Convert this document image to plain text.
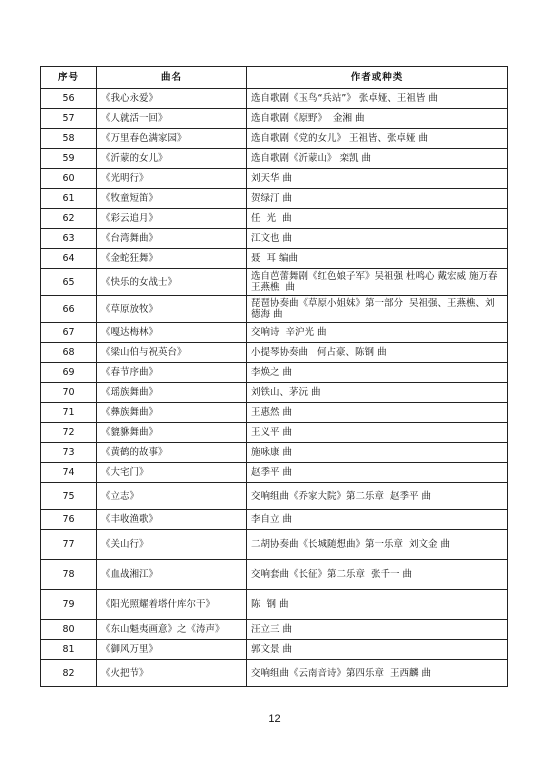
序号	曲名	作者或种类
56	《我心永爱》	选自歌剧《玉鸟“兵站”》 张卓娅、王祖皆 曲
57	《人就活一回》	选自歌剧《原野》  金湘 曲
58	《万里春色满家园》	选自歌剧《党的女儿》 王祖皆、张卓娅 曲
59	《沂蒙的女儿》	选自歌剧《沂蒙山》 栾凯 曲
60	《光明行》	刘天华 曲
61	《牧童短笛》	贺绿汀 曲
62	《彩云追月》	任  光  曲
63	《台湾舞曲》	江文也 曲
64	《金蛇狂舞》	聂  耳 编曲
65	《快乐的女战士》	选自芭蕾舞剧《红色娘子军》吴祖强 杜鸣心 戴宏威 施万春 王燕樵  曲
66	《草原放牧》	琵琶协奏曲《草原小姐妹》第一部分  吴祖强、王燕樵、刘德海 曲
67	《嘎达梅林》	交响诗  辛沪光 曲
68	《梁山伯与祝英台》	小提琴协奏曲   何占豪、陈钢 曲
69	《春节序曲》	李焕之 曲
70	《瑶族舞曲》	刘铁山、茅沅 曲
71	《彝族舞曲》	王惠然 曲
72	《貔貅舞曲》	王义平 曲
73	《黄鹤的故事》	施咏康 曲
74	《大宅门》	赵季平 曲
75	《立志》	交响组曲《乔家大院》第二乐章  赵季平 曲
76	《丰收渔歌》	李自立 曲
77	《关山行》	二胡协奏曲《长城随想曲》第一乐章  刘文金 曲
78	《血战湘江》	交响套曲《长征》第二乐章  张千一 曲
79	《阳光照耀着塔什库尔干》	陈  钢 曲
80	《东山魁夷画意》之《涛声》	汪立三 曲
81	《御风万里》	郭文景 曲
82	《火把节》	交响组曲《云南音诗》第四乐章  王西麟 曲
12
